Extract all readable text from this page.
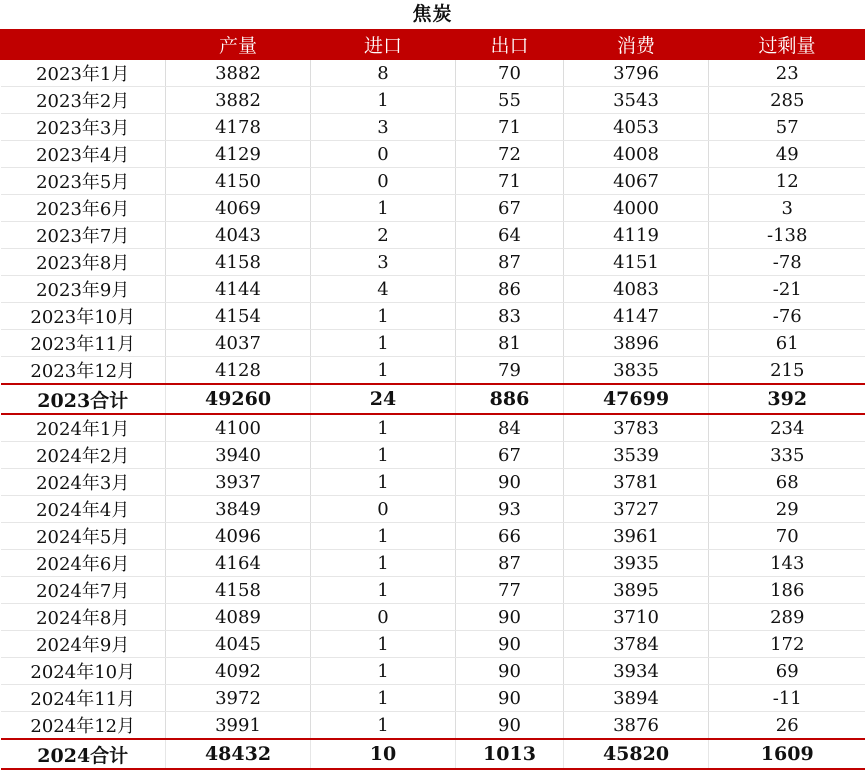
焦炭
	产量	进口	出口	消费	过剩量
2023年1月	3882	8	70	3796	23
2023年2月	3882	1	55	3543	285
2023年3月	4178	3	71	4053	57
2023年4月	4129	0	72	4008	49
2023年5月	4150	0	71	4067	12
2023年6月	4069	1	67	4000	3
2023年7月	4043	2	64	4119	-138
2023年8月	4158	3	87	4151	-78
2023年9月	4144	4	86	4083	-21
2023年10月	4154	1	83	4147	-76
2023年11月	4037	1	81	3896	61
2023年12月	4128	1	79	3835	215
2023合计	49260	24	886	47699	392
2024年1月	4100	1	84	3783	234
2024年2月	3940	1	67	3539	335
2024年3月	3937	1	90	3781	68
2024年4月	3849	0	93	3727	29
2024年5月	4096	1	66	3961	70
2024年6月	4164	1	87	3935	143
2024年7月	4158	1	77	3895	186
2024年8月	4089	0	90	3710	289
2024年9月	4045	1	90	3784	172
2024年10月	4092	1	90	3934	69
2024年11月	3972	1	90	3894	-11
2024年12月	3991	1	90	3876	26
2024合计	48432	10	1013	45820	1609
